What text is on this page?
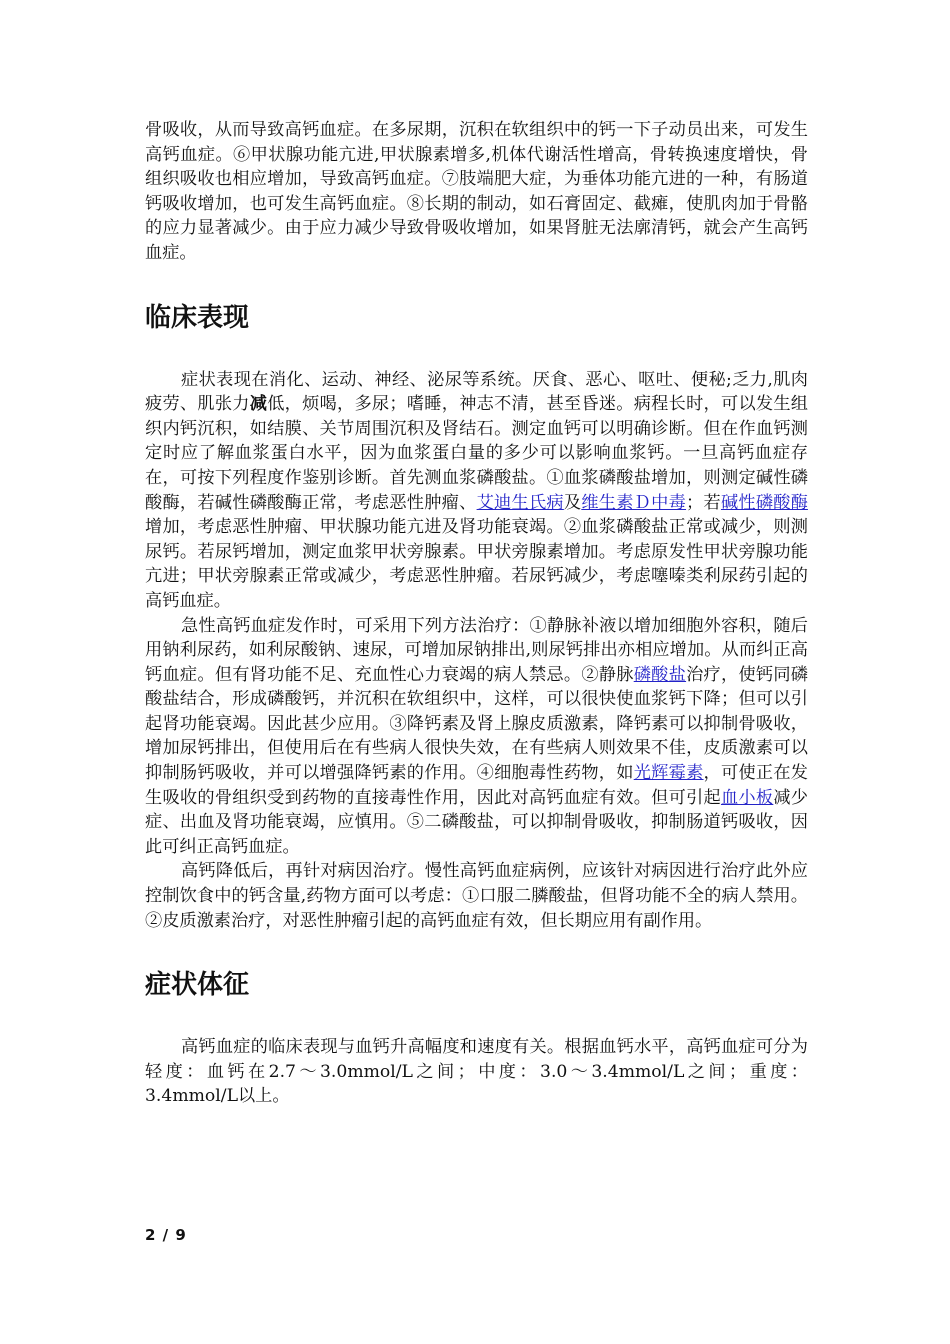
骨吸收，从而导致高钙血症。在多尿期，沉积在软组织中的钙一下子动员出来，可发生高钙血症。⑥甲状腺功能亢进,甲状腺素增多,机体代谢活性增高，骨转换速度增快，骨组织吸收也相应增加，导致高钙血症。⑦肢端肥大症，为垂体功能亢进的一种，有肠道钙吸收增加，也可发生高钙血症。⑧长期的制动，如石膏固定、截瘫，使肌肉加于骨骼的应力显著减少。由于应力减少导致骨吸收增加，如果肾脏无法廓清钙，就会产生高钙血症。

临床表现

症状表现在消化、运动、神经、泌尿等系统。厌食、恶心、呕吐、便秘;乏力,肌肉疲劳、肌张力减低，烦喝，多尿；嗜睡，神志不清，甚至昏迷。病程长时，可以发生组织内钙沉积，如结膜、关节周围沉积及肾结石。测定血钙可以明确诊断。但在作血钙测定时应了解血浆蛋白水平，因为血浆蛋白量的多少可以影响血浆钙。一旦高钙血症存在，可按下列程度作鉴别诊断。首先测血浆磷酸盐。①血浆磷酸盐增加，则测定碱性磷酸酶，若碱性磷酸酶正常，考虑恶性肿瘤、艾迪生氏病及维生素Ｄ中毒；若碱性磷酸酶增加，考虑恶性肿瘤、甲状腺功能亢进及肾功能衰竭。②血浆磷酸盐正常或减少，则测尿钙。若尿钙增加，测定血浆甲状旁腺素。甲状旁腺素增加。考虑原发性甲状旁腺功能亢进；甲状旁腺素正常或减少，考虑恶性肿瘤。若尿钙减少，考虑噻嗪类利尿药引起的高钙血症。

急性高钙血症发作时，可采用下列方法治疗：①静脉补液以增加细胞外容积，随后用钠利尿药，如利尿酸钠、速尿，可增加尿钠排出,则尿钙排出亦相应增加。从而纠正高钙血症。但有肾功能不足、充血性心力衰竭的病人禁忌。②静脉磷酸盐治疗，使钙同磷酸盐结合，形成磷酸钙，并沉积在软组织中，这样，可以很快使血浆钙下降；但可以引起肾功能衰竭。因此甚少应用。③降钙素及肾上腺皮质激素，降钙素可以抑制骨吸收，增加尿钙排出，但使用后在有些病人很快失效，在有些病人则效果不佳，皮质激素可以抑制肠钙吸收，并可以增强降钙素的作用。④细胞毒性药物，如光辉霉素，可使正在发生吸收的骨组织受到药物的直接毒性作用，因此对高钙血症有效。但可引起血小板减少症、出血及肾功能衰竭，应慎用。⑤二磷酸盐，可以抑制骨吸收，抑制肠道钙吸收，因此可纠正高钙血症。

高钙降低后，再针对病因治疗。慢性高钙血症病例，应该针对病因进行治疗此外应控制饮食中的钙含量,药物方面可以考虑：①口服二膦酸盐，但肾功能不全的病人禁用。②皮质激素治疗，对恶性肿瘤引起的高钙血症有效，但长期应用有副作用。

症状体征

高钙血症的临床表现与血钙升高幅度和速度有关。根据血钙水平，高钙血症可分为轻度：血钙在2.7～3.0mmol/L之间；中度：3.0～3.4mmol/L之间；重度：3.4mmol/L以上。

2 / 9
